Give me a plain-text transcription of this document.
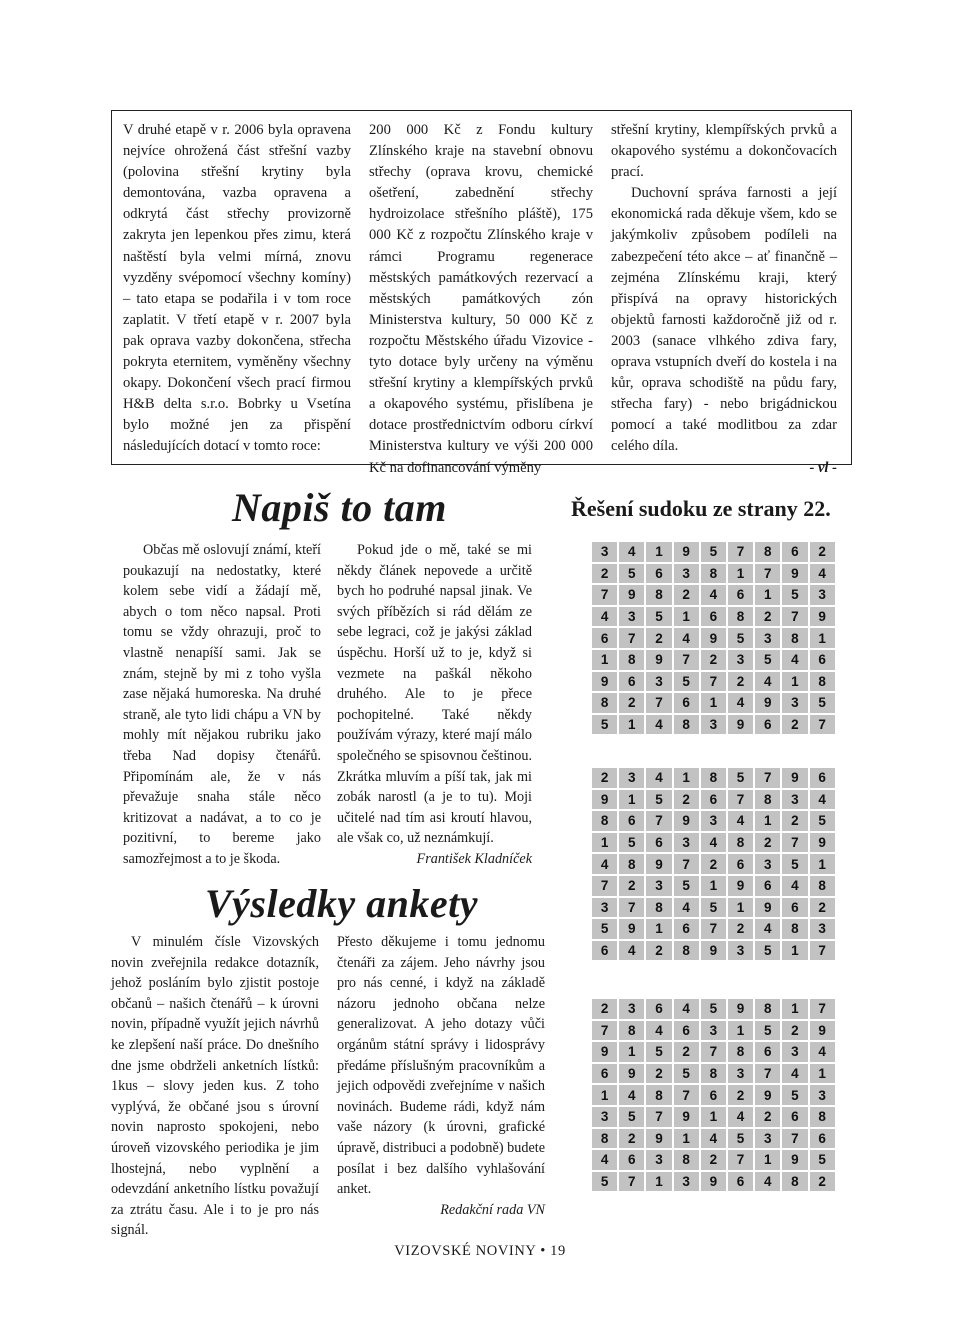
V druhé etapě v r. 2006 byla opravena nejvíce ohrožená část střešní vazby (polovina střešní krytiny byla demontována, vazba opravena a odkrytá část střechy provizorně zakryta jen lepenkou přes zimu, která naštěstí byla velmi mírná, znovu vyzděny svépomocí všechny komíny) – tato etapa se podařila i v tom roce zaplatit. V třetí etapě v r. 2007 byla pak oprava vazby dokončena, střecha pokryta eternitem, vyměněny všechny okapy. Dokončení všech prací firmou H&B delta s.r.o. Bobrky u Vsetína bylo možné jen za přispění následujících dotací v tomto roce:

200 000 Kč z Fondu kultury Zlínského kraje na stavební obnovu střechy (oprava krovu, chemické ošetření, zabednění střechy hydroizolace střešního pláště), 175 000 Kč z rozpočtu Zlínského kraje v rámci Programu regenerace městských památkových rezervací a městských památkových zón Ministerstva kultury, 50 000 Kč z rozpočtu Městského úřadu Vizovice - tyto dotace byly určeny na výměnu střešní krytiny a klempířských prvků a okapového systému, přislíbena je dotace prostřednictvím odboru církví Ministerstva kultury ve výši 200 000 Kč na dofinancování výměny

střešní krytiny, klempířských prvků a okapového systému a dokončovacích prací.

Duchovní správa farnosti a její ekonomická rada děkuje všem, kdo se jakýmkoliv způsobem podíleli na zabezpečení této akce – ať finančně – zejména Zlínskému kraji, který přispívá na opravy historických objektů farnosti každoročně již od r. 2003 (sanace vlhkého zdiva fary, oprava vstupních dveří do kostela i na kůr, oprava schodiště na půdu fary, střecha fary) - nebo brigádnickou pomocí a také modlitbou za zdar celého díla.

- vl -

Napiš to tam

Občas mě oslovují známí, kteří poukazují na nedostatky, které kolem sebe vidí a žádají mě, abych o tom něco napsal. Proti tomu se vždy ohrazuji, proč to vlastně nenapíší sami. Jak se znám, stejně by mi z toho vyšla zase nějaká humoreska. Na druhé straně, ale tyto lidi chápu a VN by mohly mít nějakou rubriku jako třeba Nad dopisy čtenářů. Připomínám ale, že v nás převažuje snaha stále něco kritizovat a nadávat, a to co je pozitivní, to bereme jako samozřejmost a to je škoda.

Pokud jde o mě, také se mi někdy článek nepovede a určitě bych ho podruhé napsal jinak. Ve svých příbězích si rád dělám ze sebe legraci, což je jakýsi základ úspěchu. Horší už to je, když si vezmete na paškál někoho druhého. Ale to je přece pochopitelné. Také někdy používám výrazy, které mají málo společného se spisovnou češtinou. Zkrátka mluvím a píší tak, jak mi zobák narostl (a je to tu). Moji učitelé nad tím asi kroutí hlavou, ale však co, už neznámkují.

František Kladníček

Výsledky ankety

V minulém čísle Vizovských novin zveřejnila redakce dotazník, jehož posláním bylo zjistit postoje občanů – našich čtenářů – k úrovni novin, případně využít jejich návrhů ke zlepšení naší práce. Do dnešního dne jsme obdrželi anketních lístků: 1kus – slovy jeden kus. Z toho vyplývá, že občané jsou s úrovní novin naprosto spokojeni, nebo úroveň vizovského periodika je jim lhostejná, nebo vyplnění a odevzdání anketního lístku považují za ztrátu času. Ale i to je pro nás signál.

Přesto děkujeme i tomu jednomu čtenáři za zájem. Jeho návrhy jsou pro nás cenné, i když na základě názoru jednoho občana nelze generalizovat. A jeho dotazy vůči orgánům státní správy i lidosprávy předáme příslušným pracovníkům a jejich odpovědi zveřejníme v našich novinách. Budeme rádi, když nám vaše názory (k úrovni, grafické úpravě, distribuci a podobně) budete posílat i bez dalšího vyhlašování anket.

Redakční rada VN

Řešení sudoku ze strany 22.
3	4	1	9	5	7	8	6	2
2	5	6	3	8	1	7	9	4
7	9	8	2	4	6	1	5	3
4	3	5	1	6	8	2	7	9
6	7	2	4	9	5	3	8	1
1	8	9	7	2	3	5	4	6
9	6	3	5	7	2	4	1	8
8	2	7	6	1	4	9	3	5
5	1	4	8	3	9	6	2	7
2	3	4	1	8	5	7	9	6
9	1	5	2	6	7	8	3	4
8	6	7	9	3	4	1	2	5
1	5	6	3	4	8	2	7	9
4	8	9	7	2	6	3	5	1
7	2	3	5	1	9	6	4	8
3	7	8	4	5	1	9	6	2
5	9	1	6	7	2	4	8	3
6	4	2	8	9	3	5	1	7
2	3	6	4	5	9	8	1	7
7	8	4	6	3	1	5	2	9
9	1	5	2	7	8	6	3	4
6	9	2	5	8	3	7	4	1
1	4	8	7	6	2	9	5	3
3	5	7	9	1	4	2	6	8
8	2	9	1	4	5	3	7	6
4	6	3	8	2	7	1	9	5
5	7	1	3	9	6	4	8	2
VIZOVSKÉ NOVINY • 19
